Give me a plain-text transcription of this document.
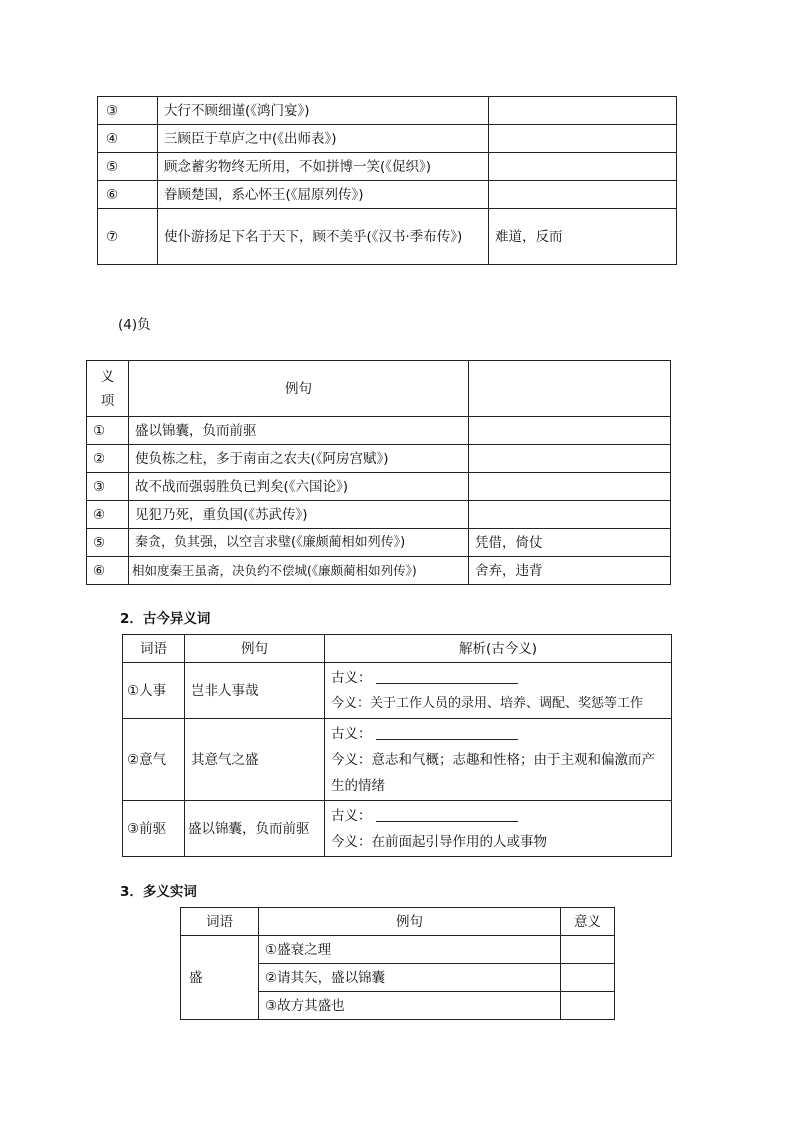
③	大行不顾细谨(《鸿门宴》)	
④	三顾臣于草庐之中(《出师表》)	
⑤	顾念蓄劣物终无所用，不如拼博一笑(《促织》)	
⑥	眷顾楚国，系心怀王(《屈原列传》)	
⑦	使仆游扬足下名于天下，顾不美乎(《汉书·季布传》)	难道，反而
(4)负
义项	例句	
①	盛以锦囊，负而前驱	
②	使负栋之柱，多于南亩之农夫(《阿房宫赋》)	
③	故不战而强弱胜负已判矣(《六国论》)	
④	见犯乃死，重负国(《苏武传》)	
⑤	秦贪，负其强，以空言求璧(《廉颇蔺相如列传》)	凭借，倚仗
⑥	相如度秦王虽斋，决负约不偿城(《廉颇蔺相如列传》)	舍弃，违背
2．古今异义词
词语	例句	解析(古今义)
①人事	岂非人事哉	古义：
今义：关于工作人员的录用、培养、调配、奖惩等工作

②意气	其意气之盛	古义：
今义：意志和气概；志趣和性格；由于主观和偏激而产生的情绪

③前驱	盛以锦囊，负而前驱	古义：
今义：在前面起引导作用的人或事物
3．多义实词
词语	例句	意义
盛	①盛衰之理	
	②请其矢，盛以锦囊	
	③故方其盛也	
